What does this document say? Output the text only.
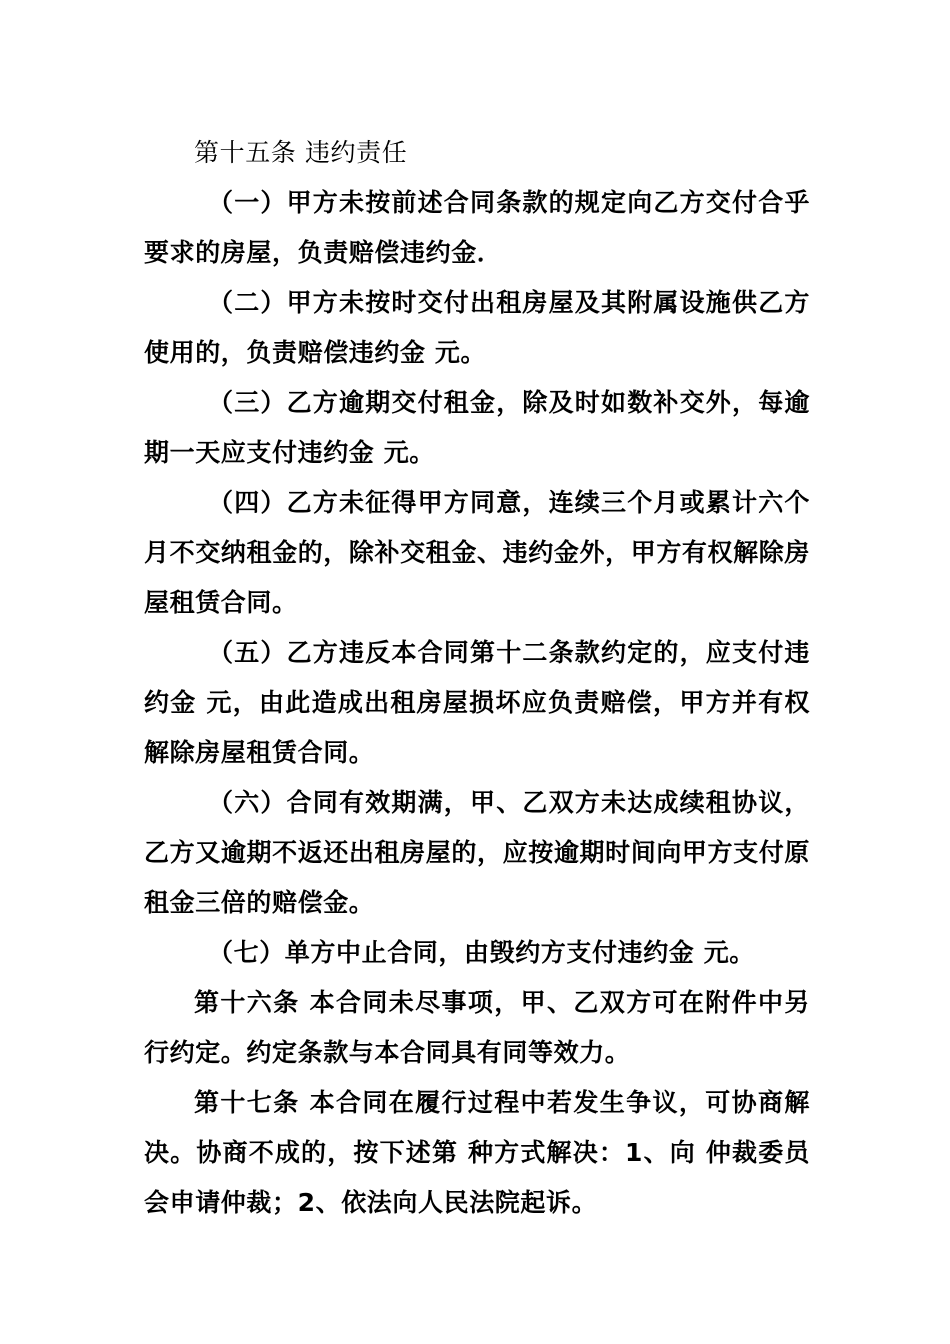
第十五条 违约责任

（一）甲方未按前述合同条款的规定向乙方交付合乎要求的房屋，负责赔偿违约金．

（二）甲方未按时交付出租房屋及其附属设施供乙方使用的，负责赔偿违约金 元。

（三）乙方逾期交付租金，除及时如数补交外，每逾期一天应支付违约金 元。

（四）乙方未征得甲方同意，连续三个月或累计六个月不交纳租金的，除补交租金、违约金外，甲方有权解除房屋租赁合同。

（五）乙方违反本合同第十二条款约定的，应支付违约金 元，由此造成出租房屋损坏应负责赔偿，甲方并有权解除房屋租赁合同。

（六）合同有效期满，甲、乙双方未达成续租协议，乙方又逾期不返还出租房屋的，应按逾期时间向甲方支付原租金三倍的赔偿金。

（七）单方中止合同，由毁约方支付违约金 元。

第十六条 本合同未尽事项，甲、乙双方可在附件中另行约定。约定条款与本合同具有同等效力。

第十七条 本合同在履行过程中若发生争议，可协商解决。协商不成的，按下述第 种方式解决：1、向 仲裁委员会申请仲裁；2、依法向人民法院起诉。
